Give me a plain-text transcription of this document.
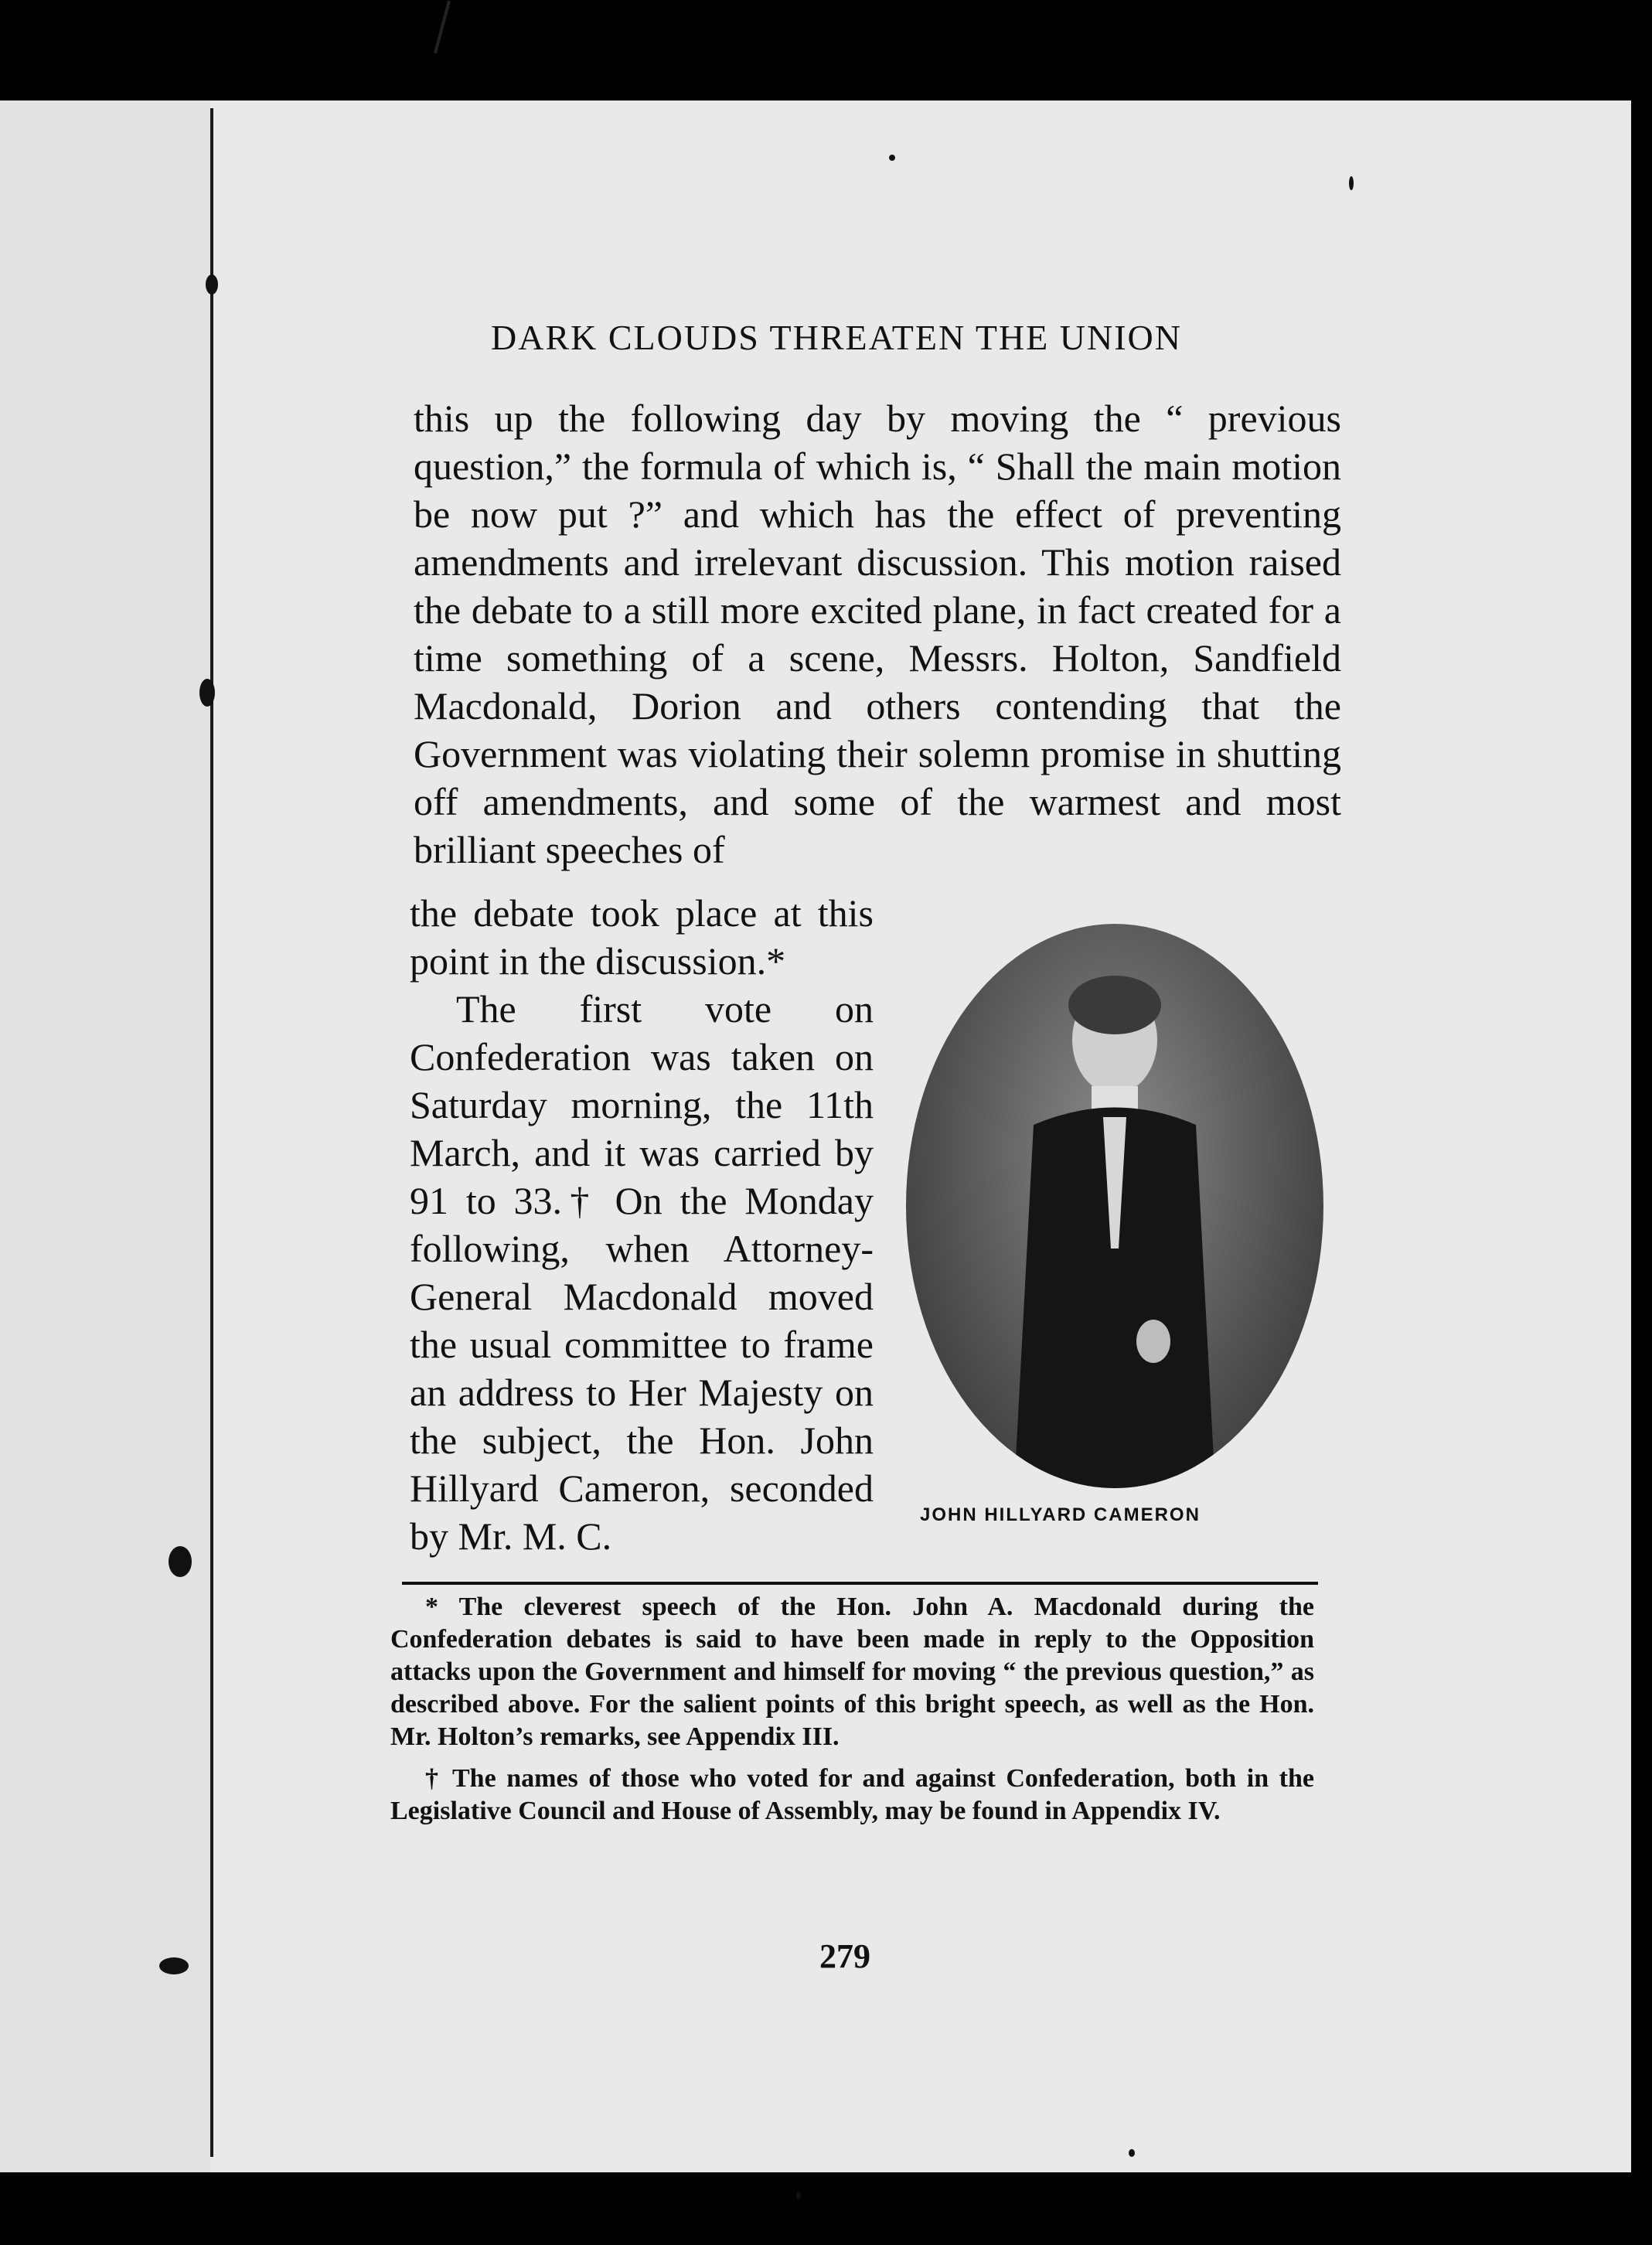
DARK CLOUDS THREATEN THE UNION
this up the following day by moving the “ previous question,” the formula of which is, “ Shall the main motion be now put ?” and which has the effect of preventing amendments and irrelevant discussion. This motion raised the debate to a still more excited plane, in fact created for a time something of a scene, Messrs. Holton, Sandfield Macdonald, Dorion and others contending that the Government was violating their solemn promise in shutting off amendments, and some of the warmest and most brilliant speeches of

the debate took place at this point in the discussion.*

The first vote on Confederation was taken on Saturday morning, the 11th March, and it was carried by 91 to 33.† On the Monday following, when Attorney-General Macdonald moved the usual committee to frame an address to Her Majesty on the subject, the Hon. John Hillyard Cameron, seconded by Mr. M. C.	JOHN HILLYARD CAMERON

* The cleverest speech of the Hon. John A. Macdonald during the Confederation debates is said to have been made in reply to the Opposition attacks upon the Government and himself for moving “ the previous question,” as described above. For the salient points of this bright speech, as well as the Hon. Mr. Holton’s remarks, see Appendix III.

† The names of those who voted for and against Confederation, both in the Legislative Council and House of Assembly, may be found in Appendix IV.

279
